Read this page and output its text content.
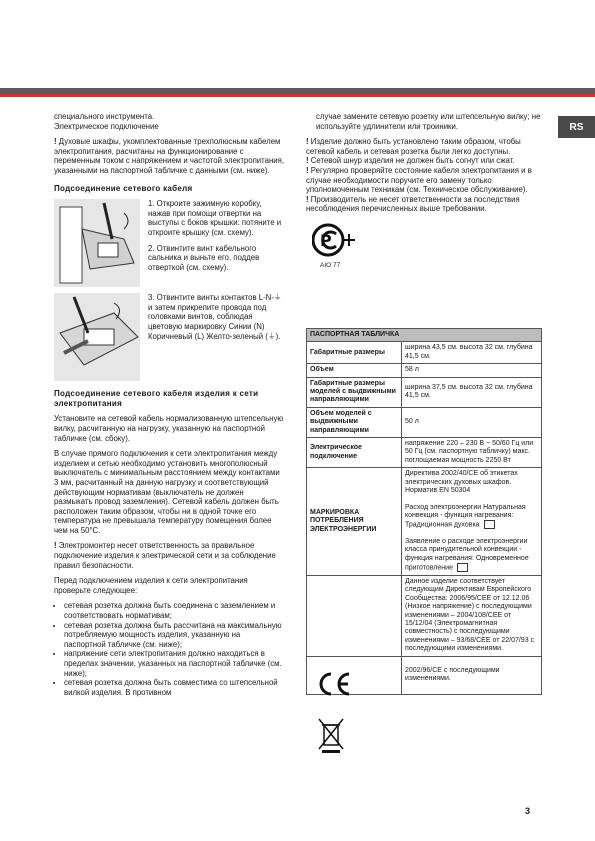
RS

специального инструмента.
Электрическое подключение

! Духовые шкафы, укомплектованные трехполюсным кабелем электропитания, расчитаны на функционирование с переменным током с напряжением и частотой электропитания, указанными на паспортной табличке с данными (см. ниже).

Подсоединение сетевого кабеля

1. Откроите зажимную коробку, нажав при помощи отвертки на выступы с боков крышки: потяните и откроите крышку (см. схему).

2. Отвинтите винт кабельного сальника и выньте его, поддев отверткой (см. схему).

3. Отвинтите винты контактов L-N-⏚ и затем прикрепите провода под головками винтов, соблюдая цветовую маркировку Синии (N) Коричневый (L) Желто-зеленый (⏚).

Подсоединение сетевого кабеля изделия к сети электропитания

Установите на сетевой кабель нормализованную штепсельную вилку, расчитанную на нагрузку, указанную на паспортной табличке (см. сбоку).

В случае прямого подключения к сети электропитания между изделием и сетью необходимо установить многополюсный выключатель с минимальным расстоянием между контактами 3 мм, расчитанный на данную нагрузку и соответствующий действующим нормативам (выключатель не должен размыкать провод заземления). Сетевой кабель должен быть расположен таким образом, чтобы ни в одной точке его температура не превышала температуру помещения более чем на 50°С.

! Электромонтер несет ответственность за правильное подключение изделия к электрической сети и за соблюдение правил безопасности.

Перед подключением изделия к сети электропитания проверьте следующее:

• сетевая розетка должна быть соединена с заземлением и соответствовать нормативам;
• сетевая розетка должна быть рассчитана на максимальную потребляемую мощность изделия, указанную на паспортной табличке (см. ниже);
• напряжение сети электропитания должно находиться в пределах значении, указанных на паспортной табличке (см. ниже);
• сетевая розетка должна быть совместима со штепсельной вилкой изделия. В противном

случае замените сетевую розетку или штепсельную вилку; не используйте удлинители или троиники.

! Изделие должно быть установлено таким образом, чтобы сетевой кабель и сетевая розетка были легко доступны.

! Сетевой шнур изделия не должен быть согнут или сжат.

! Регулярно проверяйте состояние кабеля электропитания и в случае необходимости поручите его замену только уполномоченным техникам (см. Техническое обслуживание).

! Производитель не несет ответственности за последствия несоблюдения перечисленных выше требовании.

P
AIO 77
ПАСПОРТНАЯ ТАБЛИЧКА	
Габаритные размеры	ширина 43,5 см. высота 32 см. глубина 41,5 см.
Объем	58 л
Габаритные размеры моделей с выдвижными направляющими	ширина 37,5 см. высота 32 см. глубина 41,5 см.
Объем моделей с выдвижными направляющими	50 л
Электрическое подключение	напряжение 220 – 230 В ~ 50/60 Гц или 50 Гц (см. паспортную табличку) макс. поглощаемая мощность 2250 Вт
МАРКИРОВКА ПОТРЕБЛЕНИЯ ЭЛЕКТРОЭНЕРГИИ	Директива 2002/40/CE об этикетах электрических духовых шкафов. Норматив EN 50304
Расход электроэнергии Натуральная конвекция - функция нагревания: Традиционная духовка
Заявление о расходе электроэнергии класса принудительной конвекции - функция нагревания: Одновременное приготовление

	Данное изделие соответствует следующим Директивам Европейского Сообщества: 2006/95/CEE от 12.12.06 (Низкое напряжение) с последующими изменениями – 2004/108/CEE от 15/12/04 (Электромагнитная совместность) с последующими изменениями – 93/68/CEE от 22/07/93 с последующими изменениями.
	2002/96/CE с последующими изменениями.
3
